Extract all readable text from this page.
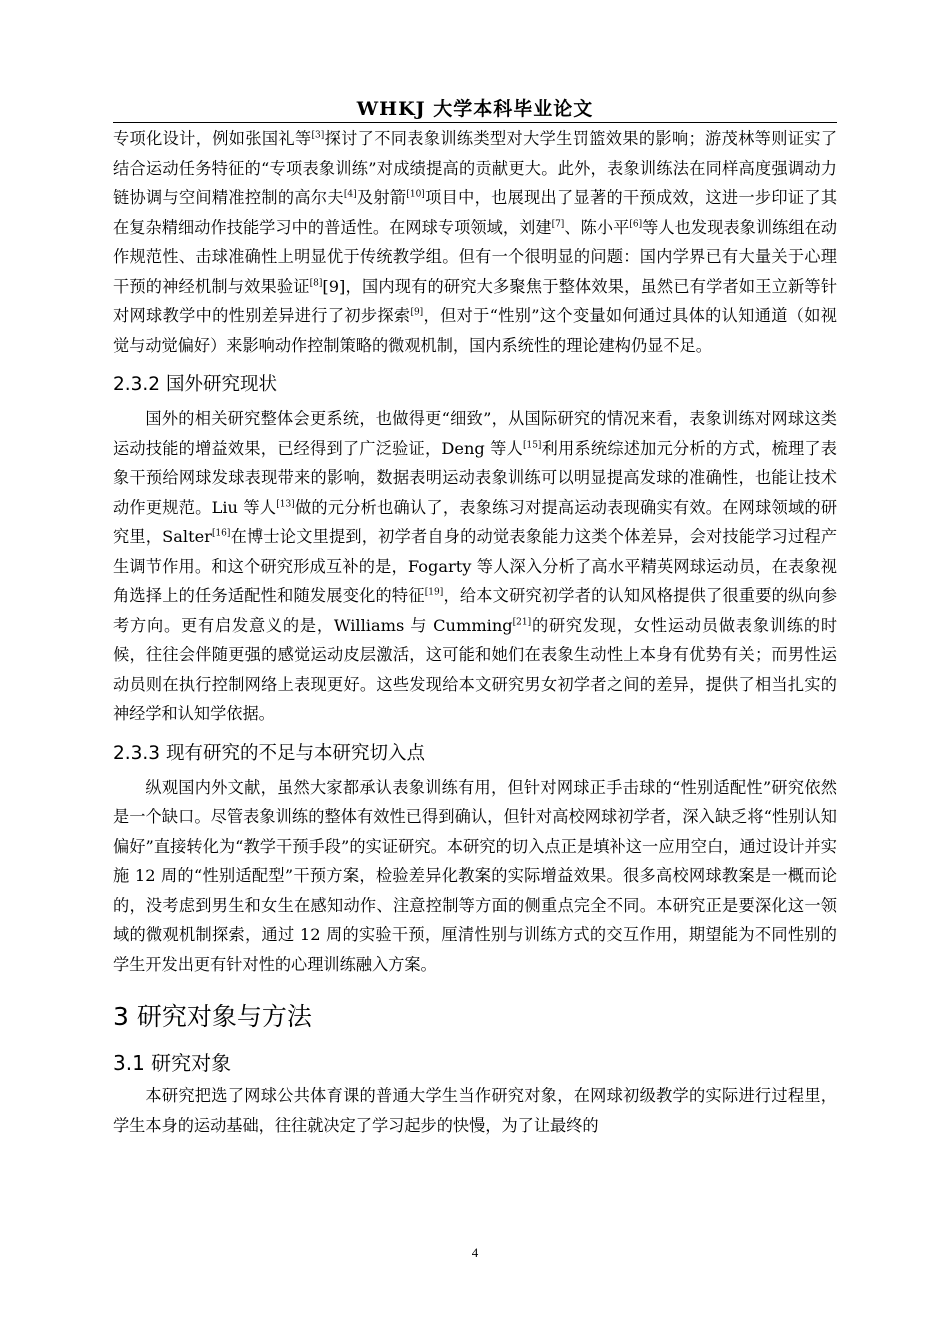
WHKJ 大学本科毕业论文

专项化设计，例如张国礼等[3]探讨了不同表象训练类型对大学生罚篮效果的影响；游茂林等则证实了结合运动任务特征的“专项表象训练”对成绩提高的贡献更大。此外，表象训练法在同样高度强调动力链协调与空间精准控制的高尔夫[4]及射箭[10]项目中，也展现出了显著的干预成效，这进一步印证了其在复杂精细动作技能学习中的普适性。在网球专项领域，刘建[7]、陈小平[6]等人也发现表象训练组在动作规范性、击球准确性上明显优于传统教学组。但有一个很明显的问题：国内学界已有大量关于心理干预的神经机制与效果验证[8][9]，国内现有的研究大多聚焦于整体效果，虽然已有学者如王立新等针对网球教学中的性别差异进行了初步探索[9]，但对于“性别”这个变量如何通过具体的认知通道（如视觉与动觉偏好）来影响动作控制策略的微观机制，国内系统性的理论建构仍显不足。

2.3.2 国外研究现状

国外的相关研究整体会更系统，也做得更“细致”，从国际研究的情况来看，表象训练对网球这类运动技能的增益效果，已经得到了广泛验证，Deng 等人[15]利用系统综述加元分析的方式，梳理了表象干预给网球发球表现带来的影响，数据表明运动表象训练可以明显提高发球的准确性，也能让技术动作更规范。Liu 等人[13]做的元分析也确认了，表象练习对提高运动表现确实有效。在网球领域的研究里，Salter[16]在博士论文里提到，初学者自身的动觉表象能力这类个体差异，会对技能学习过程产生调节作用。和这个研究形成互补的是，Fogarty 等人深入分析了高水平精英网球运动员，在表象视角选择上的任务适配性和随发展变化的特征[19]，给本文研究初学者的认知风格提供了很重要的纵向参考方向。更有启发意义的是，Williams 与 Cumming[21]的研究发现，女性运动员做表象训练的时候，往往会伴随更强的感觉运动皮层激活，这可能和她们在表象生动性上本身有优势有关；而男性运动员则在执行控制网络上表现更好。这些发现给本文研究男女初学者之间的差异，提供了相当扎实的神经学和认知学依据。

2.3.3 现有研究的不足与本研究切入点

纵观国内外文献，虽然大家都承认表象训练有用，但针对网球正手击球的“性别适配性”研究依然是一个缺口。尽管表象训练的整体有效性已得到确认，但针对高校网球初学者，深入缺乏将“性别认知偏好”直接转化为“教学干预手段”的实证研究。本研究的切入点正是填补这一应用空白，通过设计并实施 12 周的“性别适配型”干预方案，检验差异化教案的实际增益效果。很多高校网球教案是一概而论的，没考虑到男生和女生在感知动作、注意控制等方面的侧重点完全不同。本研究正是要深化这一领域的微观机制探索，通过 12 周的实验干预，厘清性别与训练方式的交互作用，期望能为不同性别的学生开发出更有针对性的心理训练融入方案。

3 研究对象与方法
3.1 研究对象

本研究把选了网球公共体育课的普通大学生当作研究对象，在网球初级教学的实际进行过程里，学生本身的运动基础，往往就决定了学习起步的快慢，为了让最终的

4
